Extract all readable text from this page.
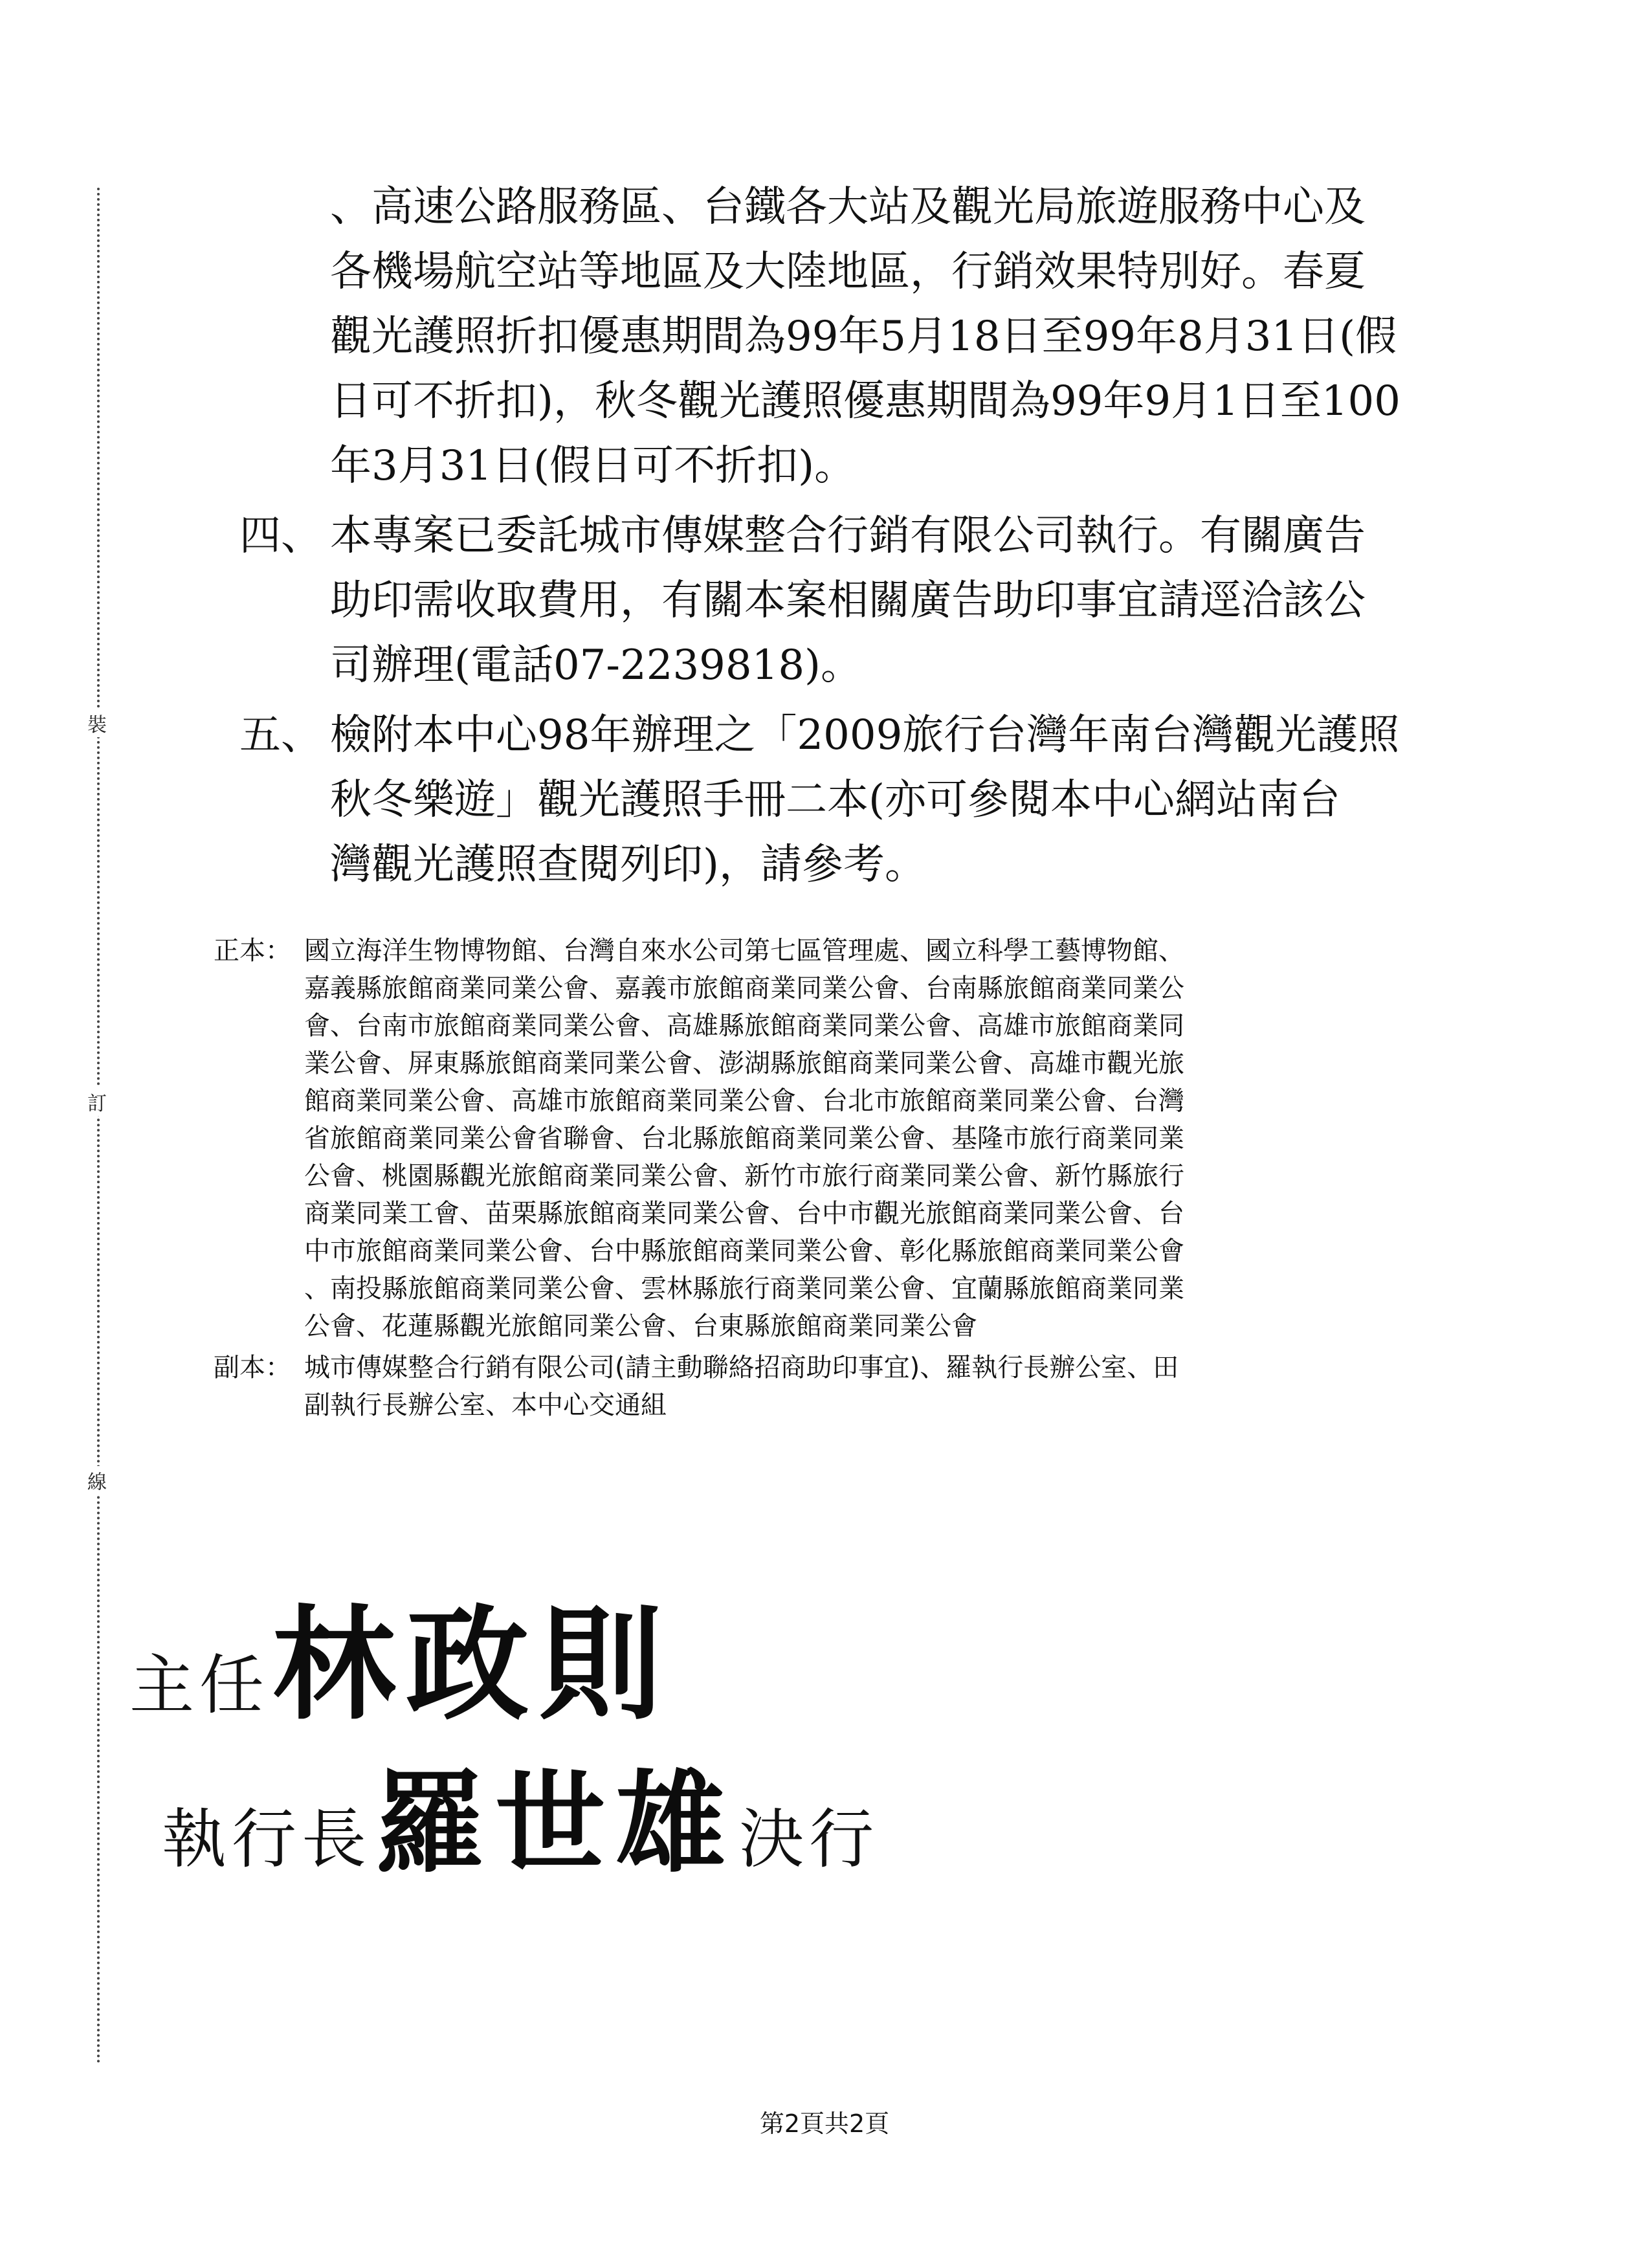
裝
訂
線
、高速公路服務區、台鐵各大站及觀光局旅遊服務中心及
各機場航空站等地區及大陸地區，行銷效果特別好。春夏
觀光護照折扣優惠期間為99年5月18日至99年8月31日(假
日可不折扣)，秋冬觀光護照優惠期間為99年9月1日至100
年3月31日(假日可不折扣)。
四、 本專案已委託城市傳媒整合行銷有限公司執行。有關廣告
助印需收取費用，有關本案相關廣告助印事宜請逕洽該公
司辦理(電話07-2239818)。
五、 檢附本中心98年辦理之「2009旅行台灣年南台灣觀光護照
秋冬樂遊」觀光護照手冊二本(亦可參閱本中心網站南台
灣觀光護照查閱列印)，請參考。
正本： 國立海洋生物博物館、台灣自來水公司第七區管理處、國立科學工藝博物館、
嘉義縣旅館商業同業公會、嘉義市旅館商業同業公會、台南縣旅館商業同業公
會、台南市旅館商業同業公會、高雄縣旅館商業同業公會、高雄市旅館商業同
業公會、屏東縣旅館商業同業公會、澎湖縣旅館商業同業公會、高雄市觀光旅
館商業同業公會、高雄市旅館商業同業公會、台北市旅館商業同業公會、台灣
省旅館商業同業公會省聯會、台北縣旅館商業同業公會、基隆市旅行商業同業
公會、桃園縣觀光旅館商業同業公會、新竹市旅行商業同業公會、新竹縣旅行
商業同業工會、苗栗縣旅館商業同業公會、台中市觀光旅館商業同業公會、台
中市旅館商業同業公會、台中縣旅館商業同業公會、彰化縣旅館商業同業公會
、南投縣旅館商業同業公會、雲林縣旅行商業同業公會、宜蘭縣旅館商業同業
公會、花蓮縣觀光旅館同業公會、台東縣旅館商業同業公會
副本： 城市傳媒整合行銷有限公司(請主動聯絡招商助印事宜)、羅執行長辦公室、田
副執行長辦公室、本中心交通組
主任 林政則
執行長 羅世雄 決行
第2頁共2頁
